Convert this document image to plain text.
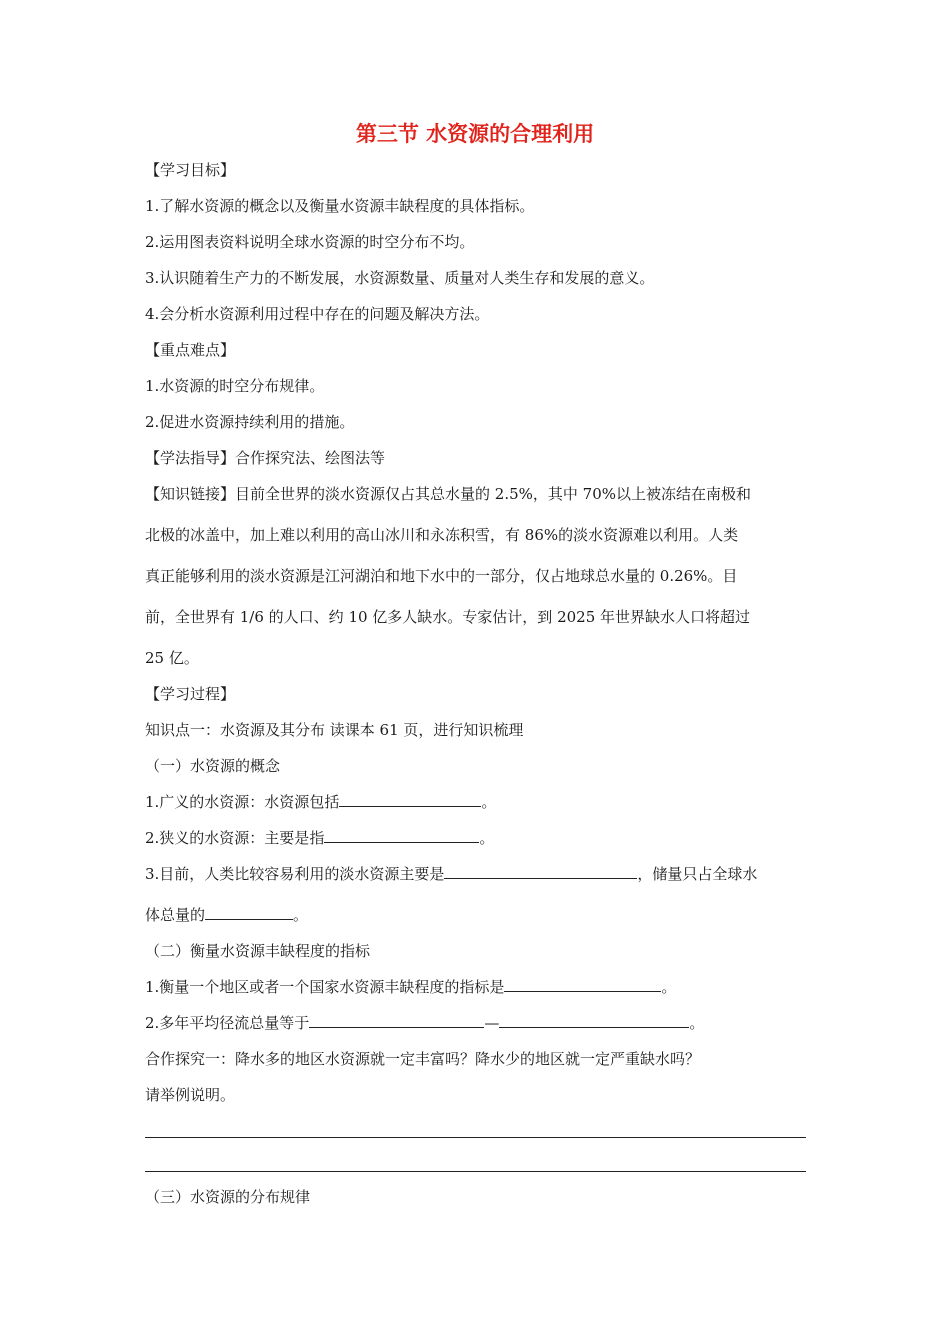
第三节 水资源的合理利用
【学习目标】
1.了解水资源的概念以及衡量水资源丰缺程度的具体指标。
2.运用图表资料说明全球水资源的时空分布不均。
3.认识随着生产力的不断发展，水资源数量、质量对人类生存和发展的意义。
4.会分析水资源利用过程中存在的问题及解决方法。
【重点难点】
1.水资源的时空分布规律。
2.促进水资源持续利用的措施。
【学法指导】合作探究法、绘图法等
【知识链接】目前全世界的淡水资源仅占其总水量的 2.5%，其中 70%以上被冻结在南极和
北极的冰盖中，加上难以利用的高山冰川和永冻积雪，有 86%的淡水资源难以利用。人类
真正能够利用的淡水资源是江河湖泊和地下水中的一部分，仅占地球总水量的 0.26%。目
前，全世界有 1/6 的人口、约 10 亿多人缺水。专家估计，到 2025 年世界缺水人口将超过
25 亿。
【学习过程】
知识点一：水资源及其分布 读课本 61 页，进行知识梳理
（一）水资源的概念
1.广义的水资源：水资源包括	。
2.狭义的水资源：主要是指	。
3.目前，人类比较容易利用的淡水资源主要是	，储量只占全球水
体总量的	。
（二）衡量水资源丰缺程度的指标
1.衡量一个地区或者一个国家水资源丰缺程度的指标是	。
2.多年平均径流总量等于	—	。
合作探究一：降水多的地区水资源就一定丰富吗？降水少的地区就一定严重缺水吗？
请举例说明。
（三）水资源的分布规律
